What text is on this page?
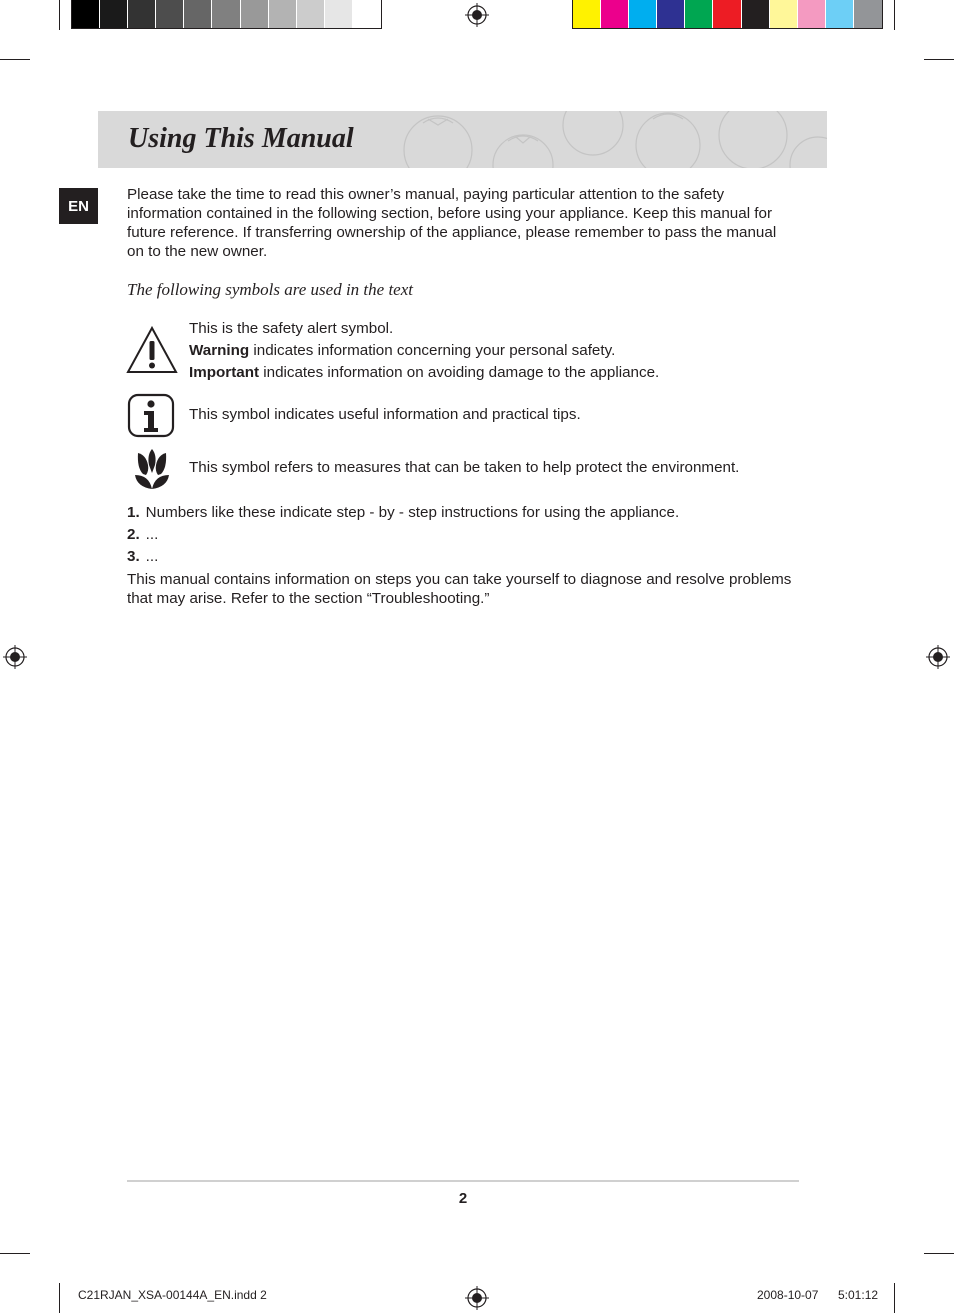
Using This Manual
EN
Please take the time to read this owner’s manual, paying particular attention to the safety information contained in the following section, before using your appliance. Keep this manual for future reference. If transferring ownership of the appliance, please remember to pass the manual on to the new owner.
The following symbols are used in the text
This is the safety alert symbol.
Warning indicates information concerning your personal safety.
Important indicates information on avoiding damage to the appliance.
This symbol indicates useful information and practical tips.
This symbol refers to measures that can be taken to help protect the environment.
1. Numbers like these indicate step - by - step instructions for using the appliance.
2. ...
3. ...
This manual contains information on steps you can take yourself to diagnose and resolve problems that may arise. Refer to the section “Troubleshooting.”
2
C21RJAN_XSA-00144A_EN.indd 2	2008-10-07 5:01:12
